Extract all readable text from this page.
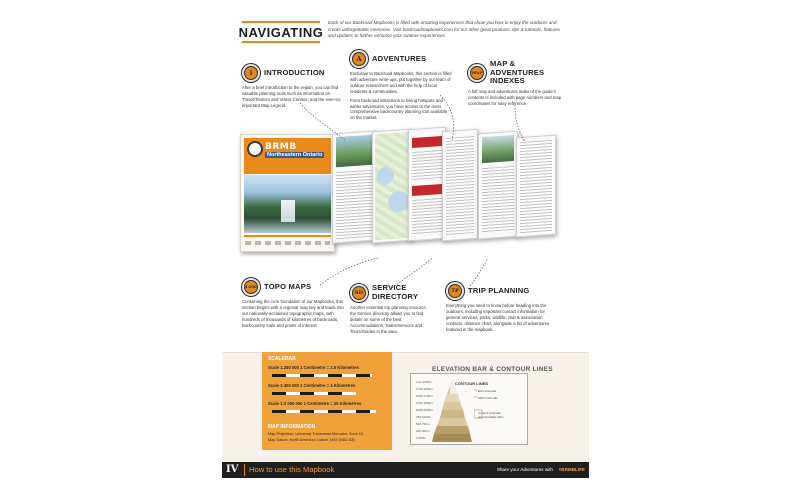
NAVIGATING
Each of our Backroad Mapbooks is filled with amazing experiences that show you how to enjoy the outdoors and create unforgettable memories. Visit backroadmapbooks.com for our other great products, tips & tutorials, features and updates to further enhance your outdoor experiences.
i	INTRODUCTION

After a brief introduction to the region, you can find valuable planning tools such as information on Travel/Tourism and Visitor Centres, and the ever-so-important Map Legend.

A	ADVENTURES

Exclusive to Backroad Mapbooks, this section is filled with adventure write-ups, put together by our team of outdoor researchers and with the help of local residents & communities.

From backroad attractions to hiking hotspots and winter adventures, you have access to the most comprehensive backcountry planning tool available on the market.

MAP
MAP & ADVENTURES
INDEXES

A full map and adventures index of the guide's contents is included with page numbers and map coordinates for easy reference.

BRMB
Northeastern Ontario
1:250 TOPO MAPS

Containing the core foundation of our Mapbooks, this section begins with a regional map key and leads into our nationally-acclaimed topographic maps, with hundreds of thousands of kilometres of backroads, backcountry trails and points of interest.

SD
SERVICE
DIRECTORY

Another essential trip planning resource, the Service directory allows you to find details on some of the best Accommodations, Sales/Services and Tours/Guides in the area.

TP TRIP PLANNING

Everything you need to know before heading into the outdoors, including important contact information for general services, parks, wildlife, club & association contacts, distance chart, alongside a list of adventures featured in the mapbook.

SCALEBAR
Scale 1:250 000 1 Centimetre = 2.5 Kilometres
Scale 1:400 000 1 Centimetre = 4 Kilometres
Scale 1:2 000 000 1 Centimetre = 20 Kilometres
MAP INFORMATION
Map Projection: Universal Transverse Mercator, Zone 16
Map Datum: North American Datum 1983 (NAD 83)
ELEVATION BAR & CONTOUR LINES
CONTOUR LINES
20m Intervals
100m Intervals
Contour Intervals approximately 20m
over 2000m
1750-2000m
1500-1750m
1250-1500m
1000-1250m
750-1000m
500-750m
250-500m
0-250m
IV How to use this Mapbook	Share your Adventures with #BRMBLIFE
